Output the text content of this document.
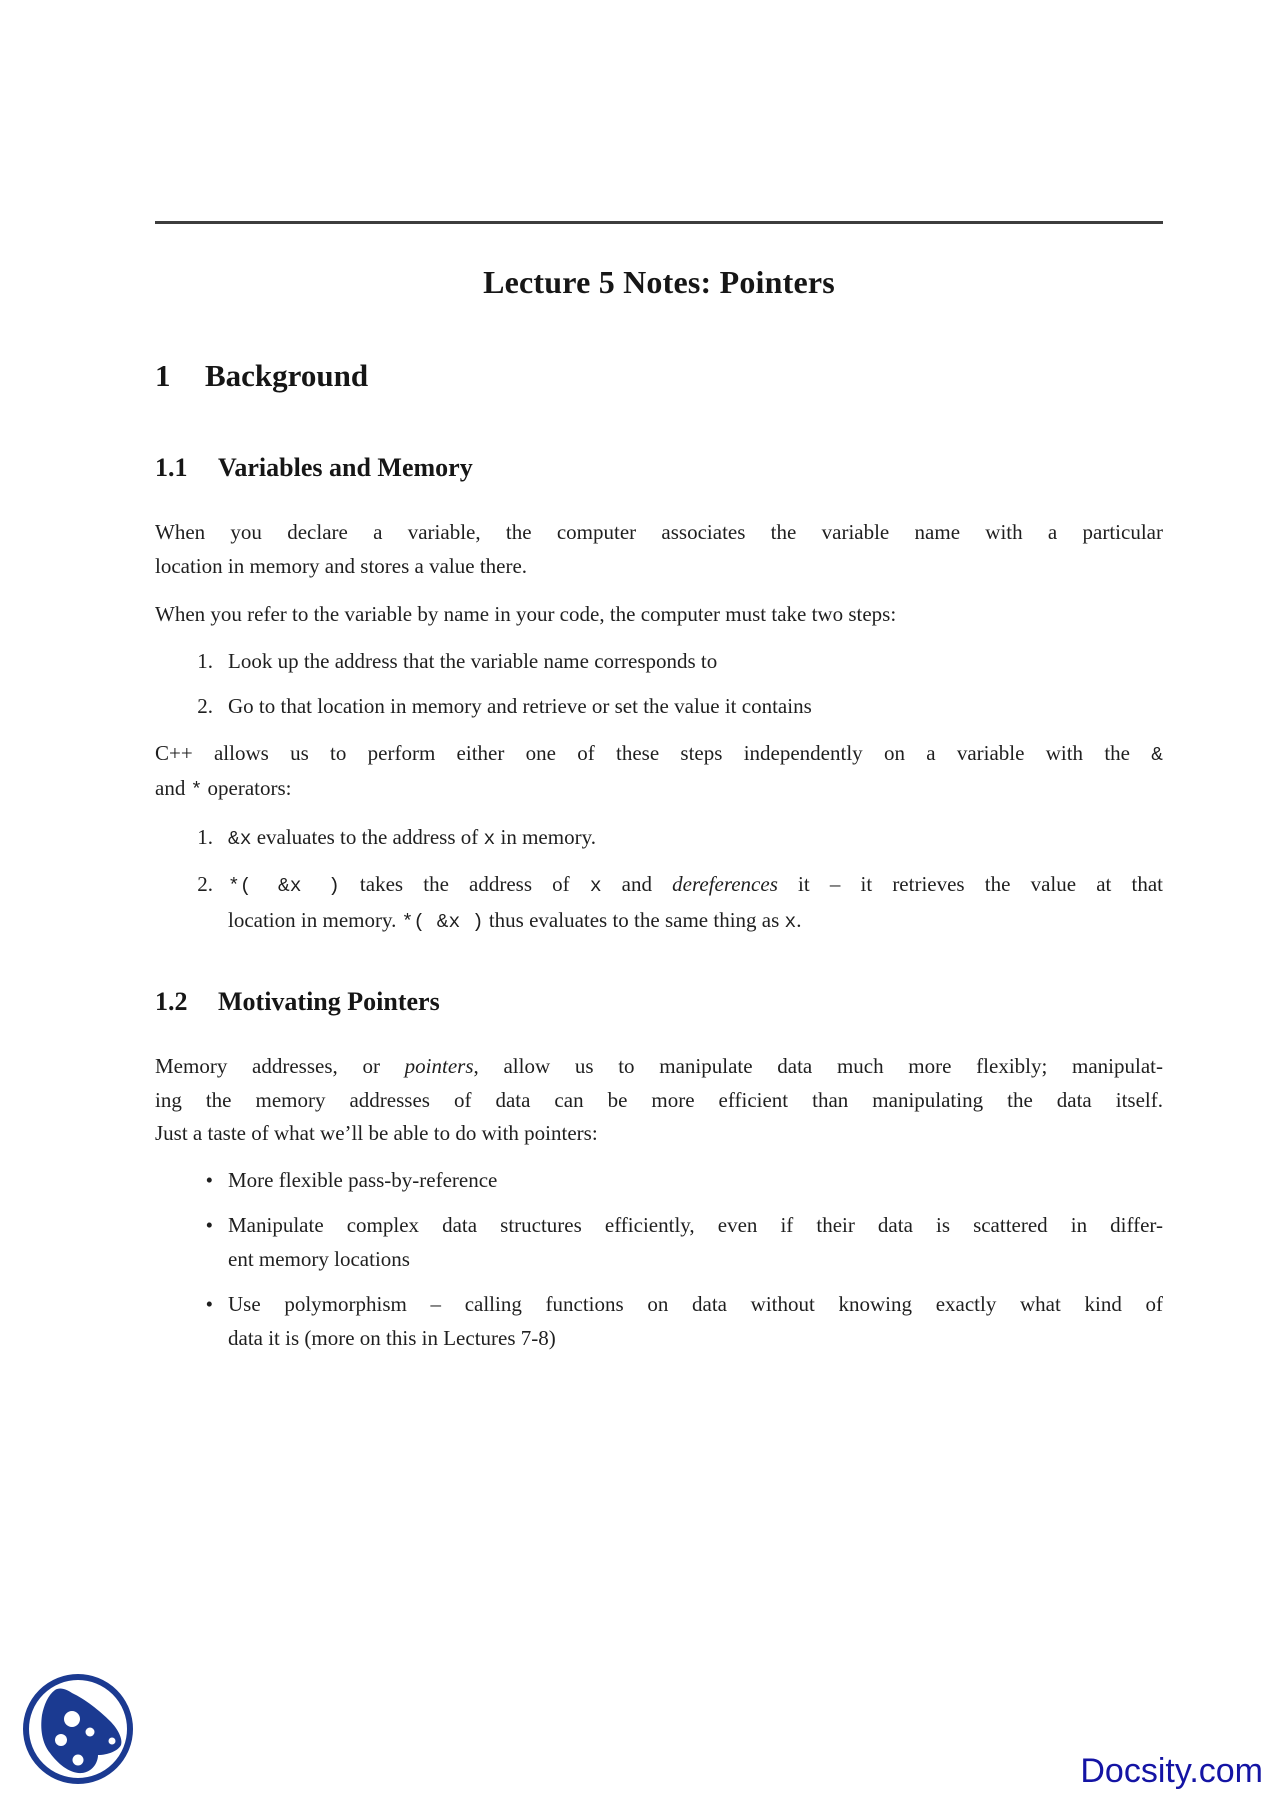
Lecture 5 Notes: Pointers
1 Background
1.1 Variables and Memory
When you declare a variable, the computer associates the variable name with a particular
location in memory and stores a value there.
When you refer to the variable by name in your code, the computer must take two steps:
1. Look up the address that the variable name corresponds to
2. Go to that location in memory and retrieve or set the value it contains
C++ allows us to perform either one of these steps independently on a variable with the &
and * operators:
1. &x evaluates to the address of x in memory.
2. *( &x ) takes the address of x and dereferences it – it retrieves the value at that
location in memory. *( &x ) thus evaluates to the same thing as x.
1.2 Motivating Pointers
Memory addresses, or pointers, allow us to manipulate data much more flexibly; manipulat-
ing the memory addresses of data can be more efficient than manipulating the data itself.
Just a taste of what we’ll be able to do with pointers:
• More flexible pass-by-reference
• Manipulate complex data structures efficiently, even if their data is scattered in differ-
ent memory locations
• Use polymorphism – calling functions on data without knowing exactly what kind of
data it is (more on this in Lectures 7-8)
Docsity.com
